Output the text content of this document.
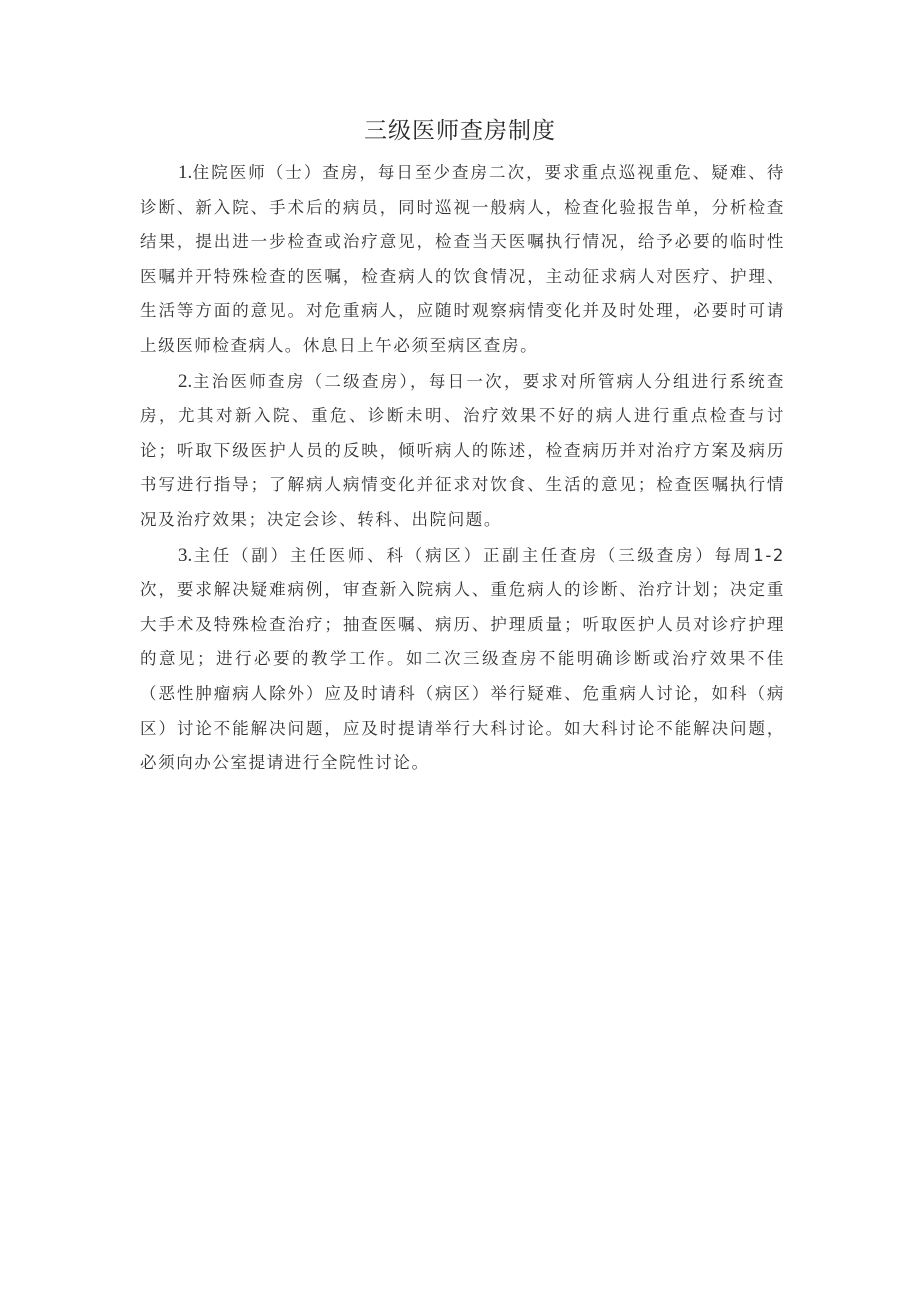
三级医师查房制度

1.住院医师（士）查房，每日至少查房二次，要求重点巡视重危、疑难、待诊断、新入院、手术后的病员，同时巡视一般病人，检查化验报告单，分析检查结果，提出进一步检查或治疗意见，检查当天医嘱执行情况，给予必要的临时性医嘱并开特殊检查的医嘱，检查病人的饮食情况，主动征求病人对医疗、护理、生活等方面的意见。对危重病人，应随时观察病情变化并及时处理，必要时可请上级医师检查病人。休息日上午必须至病区查房。

2.主治医师查房（二级查房），每日一次，要求对所管病人分组进行系统查房，尤其对新入院、重危、诊断未明、治疗效果不好的病人进行重点检查与讨论；听取下级医护人员的反映，倾听病人的陈述，检查病历并对治疗方案及病历书写进行指导；了解病人病情变化并征求对饮食、生活的意见；检查医嘱执行情况及治疗效果；决定会诊、转科、出院问题。

3.主任（副）主任医师、科（病区）正副主任查房（三级查房）每周1-2次，要求解决疑难病例，审查新入院病人、重危病人的诊断、治疗计划；决定重大手术及特殊检查治疗；抽查医嘱、病历、护理质量；听取医护人员对诊疗护理的意见；进行必要的教学工作。如二次三级查房不能明确诊断或治疗效果不佳（恶性肿瘤病人除外）应及时请科（病区）举行疑难、危重病人讨论，如科（病区）讨论不能解决问题，应及时提请举行大科讨论。如大科讨论不能解决问题，必须向办公室提请进行全院性讨论。
